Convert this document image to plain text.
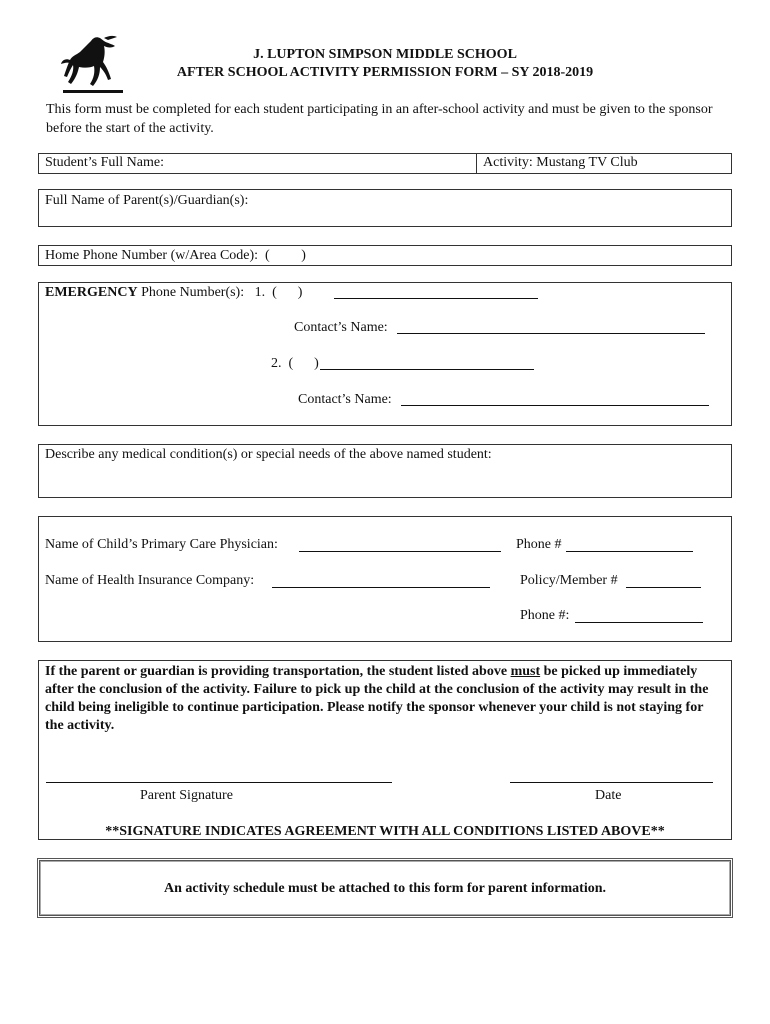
J. LUPTON SIMPSON MIDDLE SCHOOL
AFTER SCHOOL ACTIVITY PERMISSION FORM – SY 2018-2019
This form must be completed for each student participating in an after-school activity and must be given to the sponsor before the start of the activity.
Student’s Full Name:	Activity: Mustang TV Club
Full Name of Parent(s)/Guardian(s):
Home Phone Number (w/Area Code):  (         )
EMERGENCY Phone Number(s):   1.  (      )
Contact’s Name:
2.  (      )
Contact’s Name:
Describe any medical condition(s) or special needs of the above named student:
Name of Child’s Primary Care Physician:	Phone #
Name of Health Insurance Company:	Policy/Member #
Phone #:
If the parent or guardian is providing transportation, the student listed above must be picked up immediately after the conclusion of the activity. Failure to pick up the child at the conclusion of the activity may result in the child being ineligible to continue participation. Please notify the sponsor whenever your child is not staying for the activity.
Parent Signature	Date
**SIGNATURE INDICATES AGREEMENT WITH ALL CONDITIONS LISTED ABOVE**
An activity schedule must be attached to this form for parent information.
